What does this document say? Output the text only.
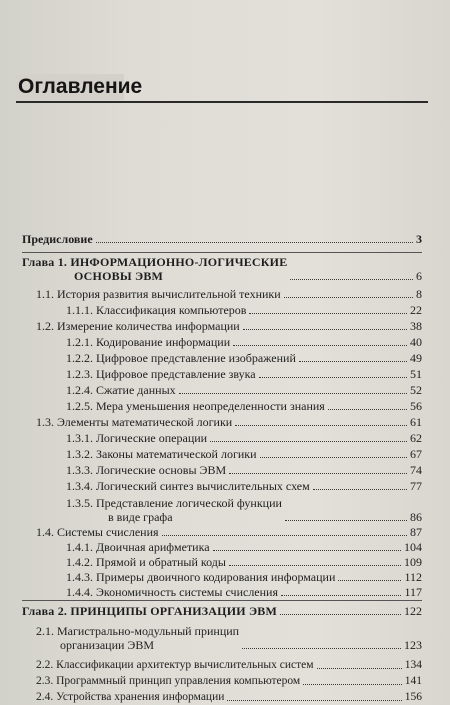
Оглавление
Предисловие	3
Глава 1. ИНФОРМАЦИОННО-ЛОГИЧЕСКИЕ
ОСНОВЫ ЭВМ	6
1.1. История развития вычислительной техники	8
1.1.1. Классификация компьютеров	22
1.2. Измерение количества информации	38
1.2.1. Кодирование информации	40
1.2.2. Цифровое представление изображений	49
1.2.3. Цифровое представление звука	51
1.2.4. Сжатие данных	52
1.2.5. Мера уменьшения неопределенности знания	56
1.3. Элементы математической логики	61
1.3.1. Логические операции	62
1.3.2. Законы математической логики	67
1.3.3. Логические основы ЭВМ	74
1.3.4. Логический синтез вычислительных схем	77
1.3.5. Представление логической функции
в виде графа	86
1.4. Системы счисления	87
1.4.1. Двоичная арифметика	104
1.4.2. Прямой и обратный коды	109
1.4.3. Примеры двоичного кодирования информации	112
1.4.4. Экономичность системы счисления	117
Глава 2. ПРИНЦИПЫ ОРГАНИЗАЦИИ ЭВМ	122
2.1. Магистрально-модульный принцип
организации ЭВМ	123
2.2. Классификации архитектур вычислительных систем	134
2.3. Программный принцип управления компьютером	141
2.4. Устройства хранения информации	156
